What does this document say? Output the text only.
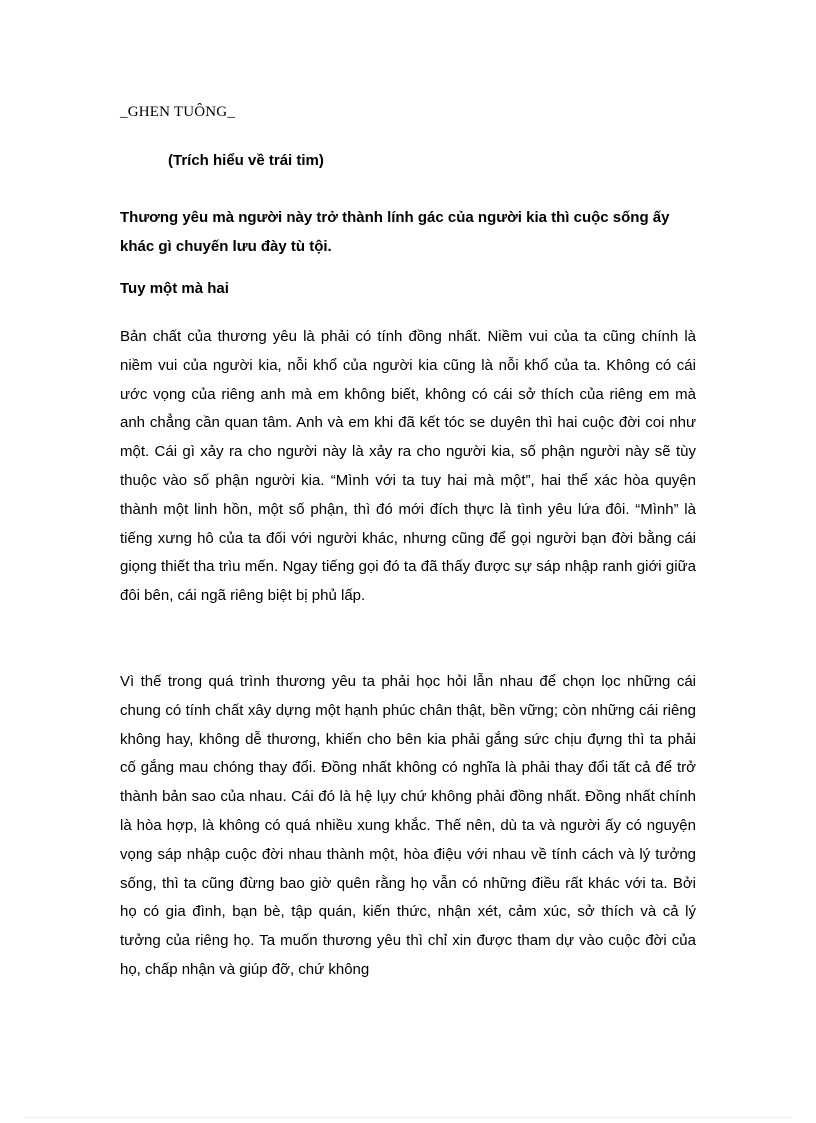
_GHEN TUÔNG_
(Trích hiểu về trái tim)
Thương yêu mà người này trở thành lính gác của người kia thì cuộc sống ấy khác gì chuyến lưu đày tù tội.
Tuy một mà hai
Bản chất của thương yêu là phải có tính đồng nhất. Niềm vui của ta cũng chính là niềm vui của người kia, nỗi khổ của người kia cũng là nỗi khổ của ta. Không có cái ước vọng của riêng anh mà em không biết, không có cái sở thích của riêng em mà anh chẳng cần quan tâm. Anh và em khi đã kết tóc se duyên thì hai cuộc đời coi như một. Cái gì xảy ra cho người này là xảy ra cho người kia, số phận người này sẽ tùy thuộc vào số phận người kia. “Mình với ta tuy hai mà một”, hai thể xác hòa quyện thành một linh hồn, một số phận, thì đó mới đích thực là tình yêu lứa đôi. “Mình” là tiếng xưng hô của ta đối với người khác, nhưng cũng để gọi người bạn đời bằng cái giọng thiết tha trìu mến. Ngay tiếng gọi đó ta đã thấy được sự sáp nhập ranh giới giữa đôi bên, cái ngã riêng biệt bị phủ lấp.
Vì thế trong quá trình thương yêu ta phải học hỏi lẫn nhau để chọn lọc những cái chung có tính chất xây dựng một hạnh phúc chân thật, bền vững; còn những cái riêng không hay, không dễ thương, khiến cho bên kia phải gắng sức chịu đựng thì ta phải cố gắng mau chóng thay đổi. Đồng nhất không có nghĩa là phải thay đổi tất cả để trở thành bản sao của nhau. Cái đó là hệ lụy chứ không phải đồng nhất. Đồng nhất chính là hòa hợp, là không có quá nhiều xung khắc. Thế nên, dù ta và người ấy có nguyện vọng sáp nhập cuộc đời nhau thành một, hòa điệu với nhau về tính cách và lý tưởng sống, thì ta cũng đừng bao giờ quên rằng họ vẫn có những điều rất khác với ta. Bởi họ có gia đình, bạn bè, tập quán, kiến thức, nhận xét, cảm xúc, sở thích và cả lý tưởng của riêng họ. Ta muốn thương yêu thì chỉ xin được tham dự vào cuộc đời của họ, chấp nhận và giúp đỡ, chứ không
